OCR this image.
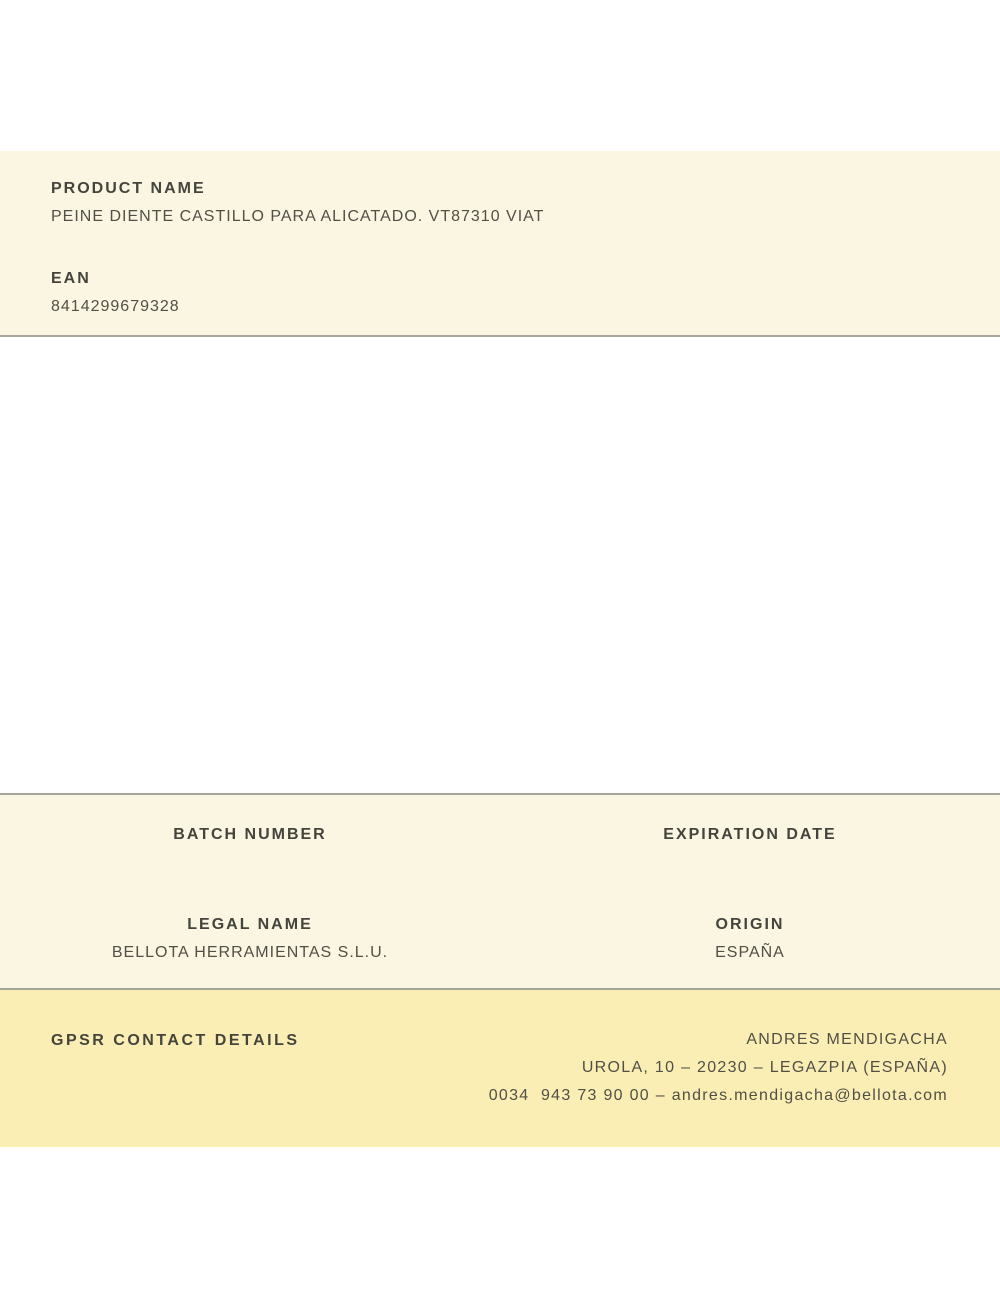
PRODUCT NAME
PEINE DIENTE CASTILLO PARA ALICATADO. VT87310 VIAT
EAN
8414299679328
BATCH NUMBER
LEGAL NAME
BELLOTA HERRAMIENTAS S.L.U.
EXPIRATION DATE
ORIGIN
ESPAÑA
GPSR CONTACT DETAILS	ANDRES MENDIGACHA
UROLA, 10 – 20230 – LEGAZPIA (ESPAÑA)
0034  943 73 90 00 – andres.mendigacha@bellota.com
